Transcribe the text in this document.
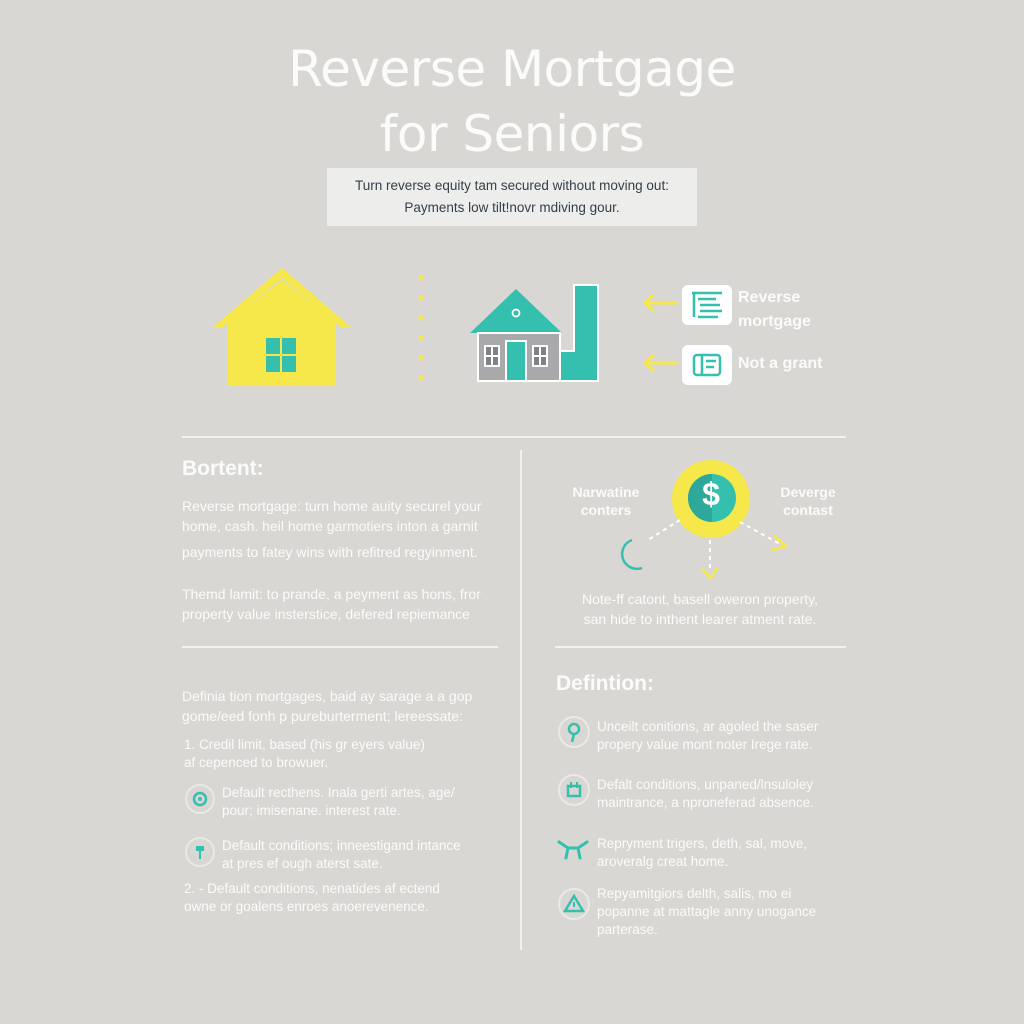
Reverse Mortgage
for Seniors
Turn reverse equity tam secured without moving out:
Payments low tilt!novr mdiving gour.
Reverse
mortgage
Not a grant
Bortent:
Reverse mortgage: turn home auity securel your
home, cash. heil home garmotiers inton a garnit
payments to fatey wins with refitred regyinment.
Themd lamit: to prande, a peyment as hons, fror
property value insterstice, defered repiemance
Definia tion mortgages, baid ay sarage a a gop
gome/eed fonh p pureburterment; lereessate:
1. Credil limit, based (his gr eyers value)
af cepenced to browuer.
Default recthens. Inala gerti artes, age/
pour; imisenane. interest rate.
Default conditions; inneestigand intance
at pres ef ough aterst sate.
2. - Default conditions, nenatides af ectend
owne or goalens enroes anoerevenence.
Narwatine
conters
Deverge
contast
$
Note-ff catont, basell oweron property,
san hide to inthent learer atment rate.
Defintion:
Unceilt conitions, ar agoled the saser
propery value mont noter Irege rate.
Defalt conditions, unpaned/lnsuloley
maintrance, a nproneferad absence.
Repryment trigers, deth, sal, move,
aroveralg creat home.
Repyamitgiors delth, salis, mo ei
popanne at mattagle anny unogance
parterase.
